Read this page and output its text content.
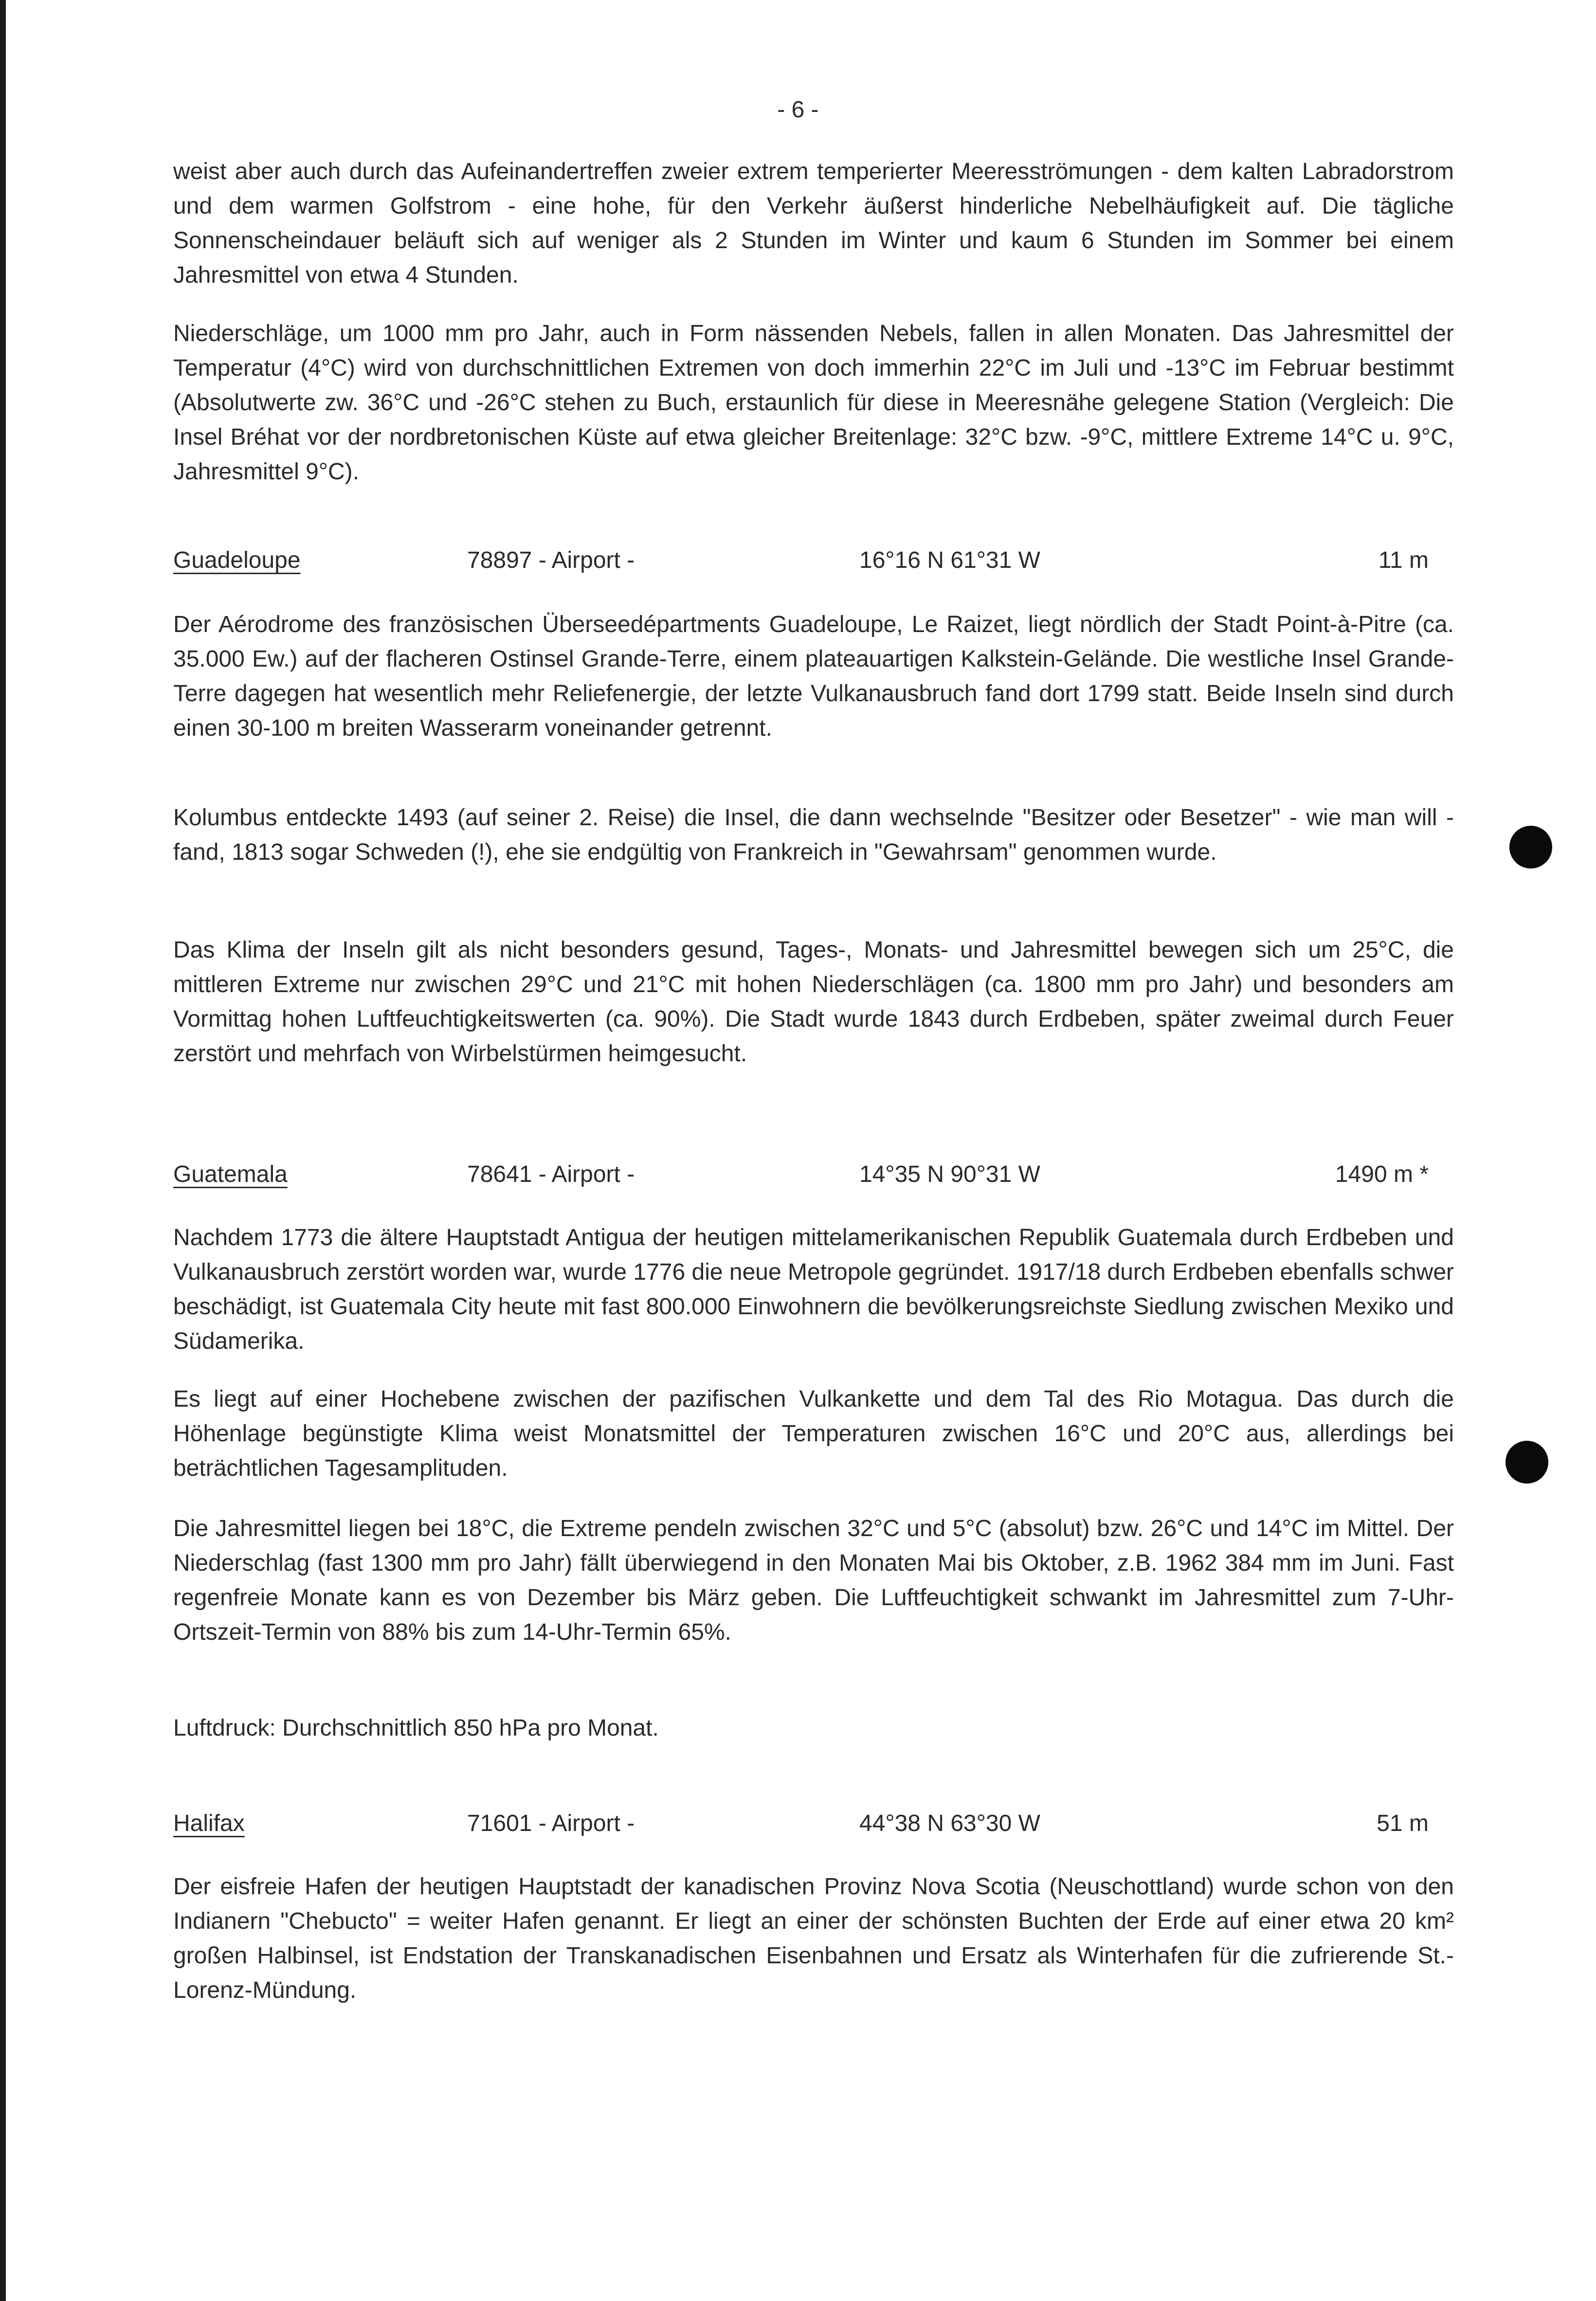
- 6 -

weist aber auch durch das Aufeinandertreffen zweier extrem temperierter Meeresströmungen - dem kalten Labradorstrom und dem warmen Golfstrom - eine hohe, für den Verkehr äußerst hinderliche Nebelhäufigkeit auf. Die tägliche Sonnenscheindauer beläuft sich auf weniger als 2 Stunden im Winter und kaum 6 Stunden im Sommer bei einem Jahresmittel von etwa 4 Stunden.

Niederschläge, um 1000 mm pro Jahr, auch in Form nässenden Nebels, fallen in allen Monaten. Das Jahresmittel der Temperatur (4°C) wird von durchschnittlichen Extremen von doch immerhin 22°C im Juli und -13°C im Februar bestimmt (Absolutwerte zw. 36°C und -26°C stehen zu Buch, erstaunlich für diese in Meeresnähe gelegene Station (Vergleich: Die Insel Bréhat vor der nordbretonischen Küste auf etwa gleicher Breitenlage: 32°C bzw. -9°C, mittlere Extreme 14°C u. 9°C, Jahresmittel 9°C).

Guadeloupe	78897 - Airport -	16°16 N 61°31 W	11 m

Der Aérodrome des französischen Überseedépartments Guadeloupe, Le Raizet, liegt nördlich der Stadt Point-à-Pitre (ca. 35.000 Ew.) auf der flacheren Ostinsel Grande-Terre, einem plateauartigen Kalkstein-Gelände. Die westliche Insel Grande-Terre dagegen hat wesentlich mehr Reliefenergie, der letzte Vulkanausbruch fand dort 1799 statt. Beide Inseln sind durch einen 30-100 m breiten Wasserarm voneinander getrennt.

Kolumbus entdeckte 1493 (auf seiner 2. Reise) die Insel, die dann wechselnde "Besitzer oder Besetzer" - wie man will - fand, 1813 sogar Schweden (!), ehe sie endgültig von Frankreich in "Gewahrsam" genommen wurde.

Das Klima der Inseln gilt als nicht besonders gesund, Tages-, Monats- und Jahresmittel bewegen sich um 25°C, die mittleren Extreme nur zwischen 29°C und 21°C mit hohen Niederschlägen (ca. 1800 mm pro Jahr) und besonders am Vormittag hohen Luftfeuchtigkeitswerten (ca. 90%). Die Stadt wurde 1843 durch Erdbeben, später zweimal durch Feuer zerstört und mehrfach von Wirbelstürmen heimgesucht.

Guatemala	78641 - Airport -	14°35 N 90°31 W	1490 m *

Nachdem 1773 die ältere Hauptstadt Antigua der heutigen mittelamerikanischen Republik Guatemala durch Erdbeben und Vulkanausbruch zerstört worden war, wurde 1776 die neue Metropole gegründet. 1917/18 durch Erdbeben ebenfalls schwer beschädigt, ist Guatemala City heute mit fast 800.000 Einwohnern die bevölkerungsreichste Siedlung zwischen Mexiko und Südamerika.

Es liegt auf einer Hochebene zwischen der pazifischen Vulkankette und dem Tal des Rio Motagua. Das durch die Höhenlage begünstigte Klima weist Monatsmittel der Temperaturen zwischen 16°C und 20°C aus, allerdings bei beträchtlichen Tagesamplituden.

Die Jahresmittel liegen bei 18°C, die Extreme pendeln zwischen 32°C und 5°C (absolut) bzw. 26°C und 14°C im Mittel. Der Niederschlag (fast 1300 mm pro Jahr) fällt überwiegend in den Monaten Mai bis Oktober, z.B. 1962 384 mm im Juni. Fast regenfreie Monate kann es von Dezember bis März geben. Die Luftfeuchtigkeit schwankt im Jahresmittel zum 7-Uhr-Ortszeit-Termin von 88% bis zum 14-Uhr-Termin 65%.

Luftdruck: Durchschnittlich 850 hPa pro Monat.

Halifax	71601 - Airport -	44°38 N 63°30 W	51 m

Der eisfreie Hafen der heutigen Hauptstadt der kanadischen Provinz Nova Scotia (Neuschottland) wurde schon von den Indianern "Chebucto" = weiter Hafen genannt. Er liegt an einer der schönsten Buchten der Erde auf einer etwa 20 km² großen Halbinsel, ist Endstation der Transkanadischen Eisenbahnen und Ersatz als Winterhafen für die zufrierende St.-Lorenz-Mündung.
